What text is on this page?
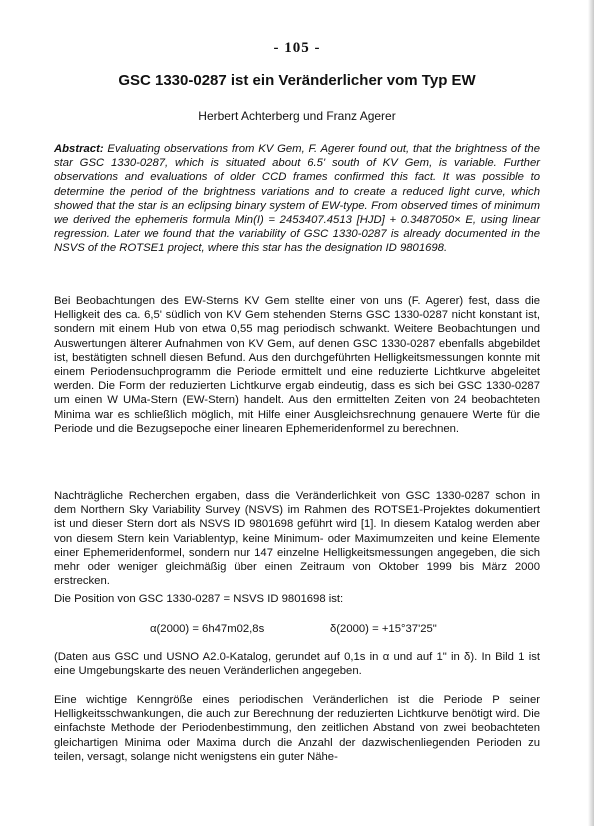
- 105 -
GSC 1330-0287 ist ein Veränderlicher vom Typ EW
Herbert Achterberg und Franz Agerer
Abstract: Evaluating observations from KV Gem, F. Agerer found out, that the brightness of the star GSC 1330-0287, which is situated about 6.5' south of KV Gem, is variable. Further observations and evaluations of older CCD frames confirmed this fact. It was possible to determine the period of the brightness variations and to create a reduced light curve, which showed that the star is an eclipsing binary system of EW-type. From observed times of minimum we derived the ephemeris formula Min(I) = 2453407.4513 [HJD] + 0.3487050× E, using linear regression. Later we found that the variability of GSC 1330-0287 is already documented in the NSVS of the ROTSE1 project, where this star has the designation ID 9801698.
Bei Beobachtungen des EW-Sterns KV Gem stellte einer von uns (F. Agerer) fest, dass die Helligkeit des ca. 6,5' südlich von KV Gem stehenden Sterns GSC 1330-0287 nicht konstant ist, sondern mit einem Hub von etwa 0,55 mag periodisch schwankt. Weitere Beobachtungen und Auswertungen älterer Aufnahmen von KV Gem, auf denen GSC 1330-0287 ebenfalls abgebildet ist, bestätigten schnell diesen Befund. Aus den durchgeführten Helligkeitsmessungen konnte mit einem Periodensuchprogramm die Periode ermittelt und eine reduzierte Lichtkurve abgeleitet werden. Die Form der reduzierten Lichtkurve ergab eindeutig, dass es sich bei GSC 1330-0287 um einen W UMa-Stern (EW-Stern) handelt. Aus den ermittelten Zeiten von 24 beobachteten Minima war es schließlich möglich, mit Hilfe einer Ausgleichsrechnung genauere Werte für die Periode und die Bezugsepoche einer linearen Ephemeridenformel zu berechnen.
Nachträgliche Recherchen ergaben, dass die Veränderlichkeit von GSC 1330-0287 schon in dem Northern Sky Variability Survey (NSVS) im Rahmen des ROTSE1-Projektes dokumentiert ist und dieser Stern dort als NSVS ID 9801698 geführt wird [1]. In diesem Katalog werden aber von diesem Stern kein Variablentyp, keine Minimum- oder Maximumzeiten und keine Elemente einer Ephemeridenformel, sondern nur 147 einzelne Helligkeitsmessungen angegeben, die sich mehr oder weniger gleichmäßig über einen Zeitraum von Oktober 1999 bis März 2000 erstrecken.
Die Position von GSC 1330-0287 = NSVS ID 9801698 ist:
α(2000) = 6h47m02,8s	δ(2000) = +15°37'25"
(Daten aus GSC und USNO A2.0-Katalog, gerundet auf 0,1s in α und auf 1" in δ). In Bild 1 ist eine Umgebungskarte des neuen Veränderlichen angegeben.
Eine wichtige Kenngröße eines periodischen Veränderlichen ist die Periode P seiner Helligkeitsschwankungen, die auch zur Berechnung der reduzierten Lichtkurve benötigt wird. Die einfachste Methode der Periodenbestimmung, den zeitlichen Abstand von zwei beobachteten gleichartigen Minima oder Maxima durch die Anzahl der dazwischenliegenden Perioden zu teilen, versagt, solange nicht wenigstens ein guter Nähe-
